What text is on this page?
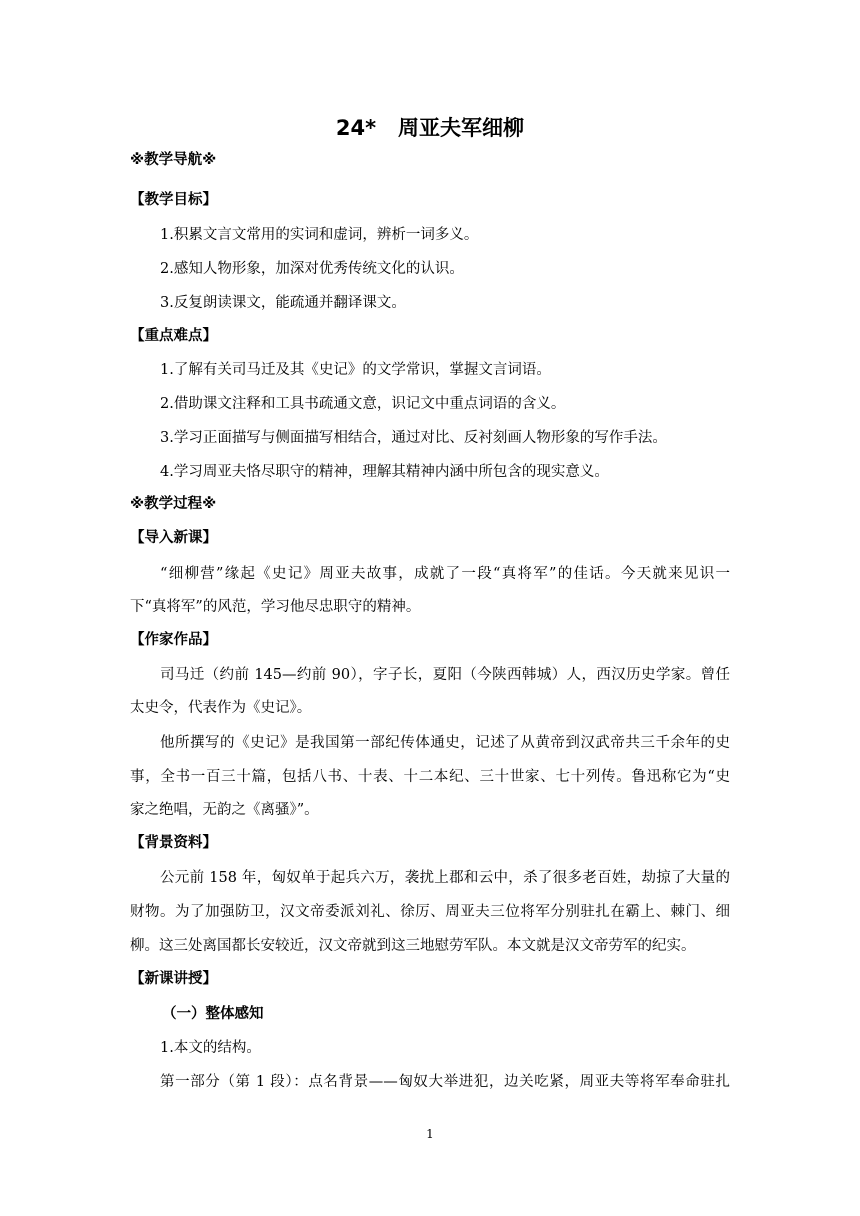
24*   周亚夫军细柳
※教学导航※
【教学目标】
1.积累文言文常用的实词和虚词，辨析一词多义。
2.感知人物形象，加深对优秀传统文化的认识。
3.反复朗读课文，能疏通并翻译课文。
【重点难点】
1.了解有关司马迁及其《史记》的文学常识，掌握文言词语。
2.借助课文注释和工具书疏通文意，识记文中重点词语的含义。
3.学习正面描写与侧面描写相结合，通过对比、反衬刻画人物形象的写作手法。
4.学习周亚夫恪尽职守的精神，理解其精神内涵中所包含的现实意义。
※教学过程※
【导入新课】
“细柳营”缘起《史记》周亚夫故事，成就了一段“真将军”的佳话。今天就来见识一
下“真将军”的风范，学习他尽忠职守的精神。
【作家作品】
司马迁（约前 145—约前 90），字子长，夏阳（今陕西韩城）人，西汉历史学家。曾任
太史令，代表作为《史记》。
他所撰写的《史记》是我国第一部纪传体通史，记述了从黄帝到汉武帝共三千余年的史
事，全书一百三十篇，包括八书、十表、十二本纪、三十世家、七十列传。鲁迅称它为“史
家之绝唱，无韵之《离骚》”。
【背景资料】
公元前 158 年，匈奴单于起兵六万，袭扰上郡和云中，杀了很多老百姓，劫掠了大量的
财物。为了加强防卫，汉文帝委派刘礼、徐厉、周亚夫三位将军分别驻扎在霸上、棘门、细
柳。这三处离国都长安较近，汉文帝就到这三地慰劳军队。本文就是汉文帝劳军的纪实。
【新课讲授】
（一）整体感知
1.本文的结构。
第一部分（第 1 段）：点名背景——匈奴大举进犯，边关吃紧，周亚夫等将军奉命驻扎
1
